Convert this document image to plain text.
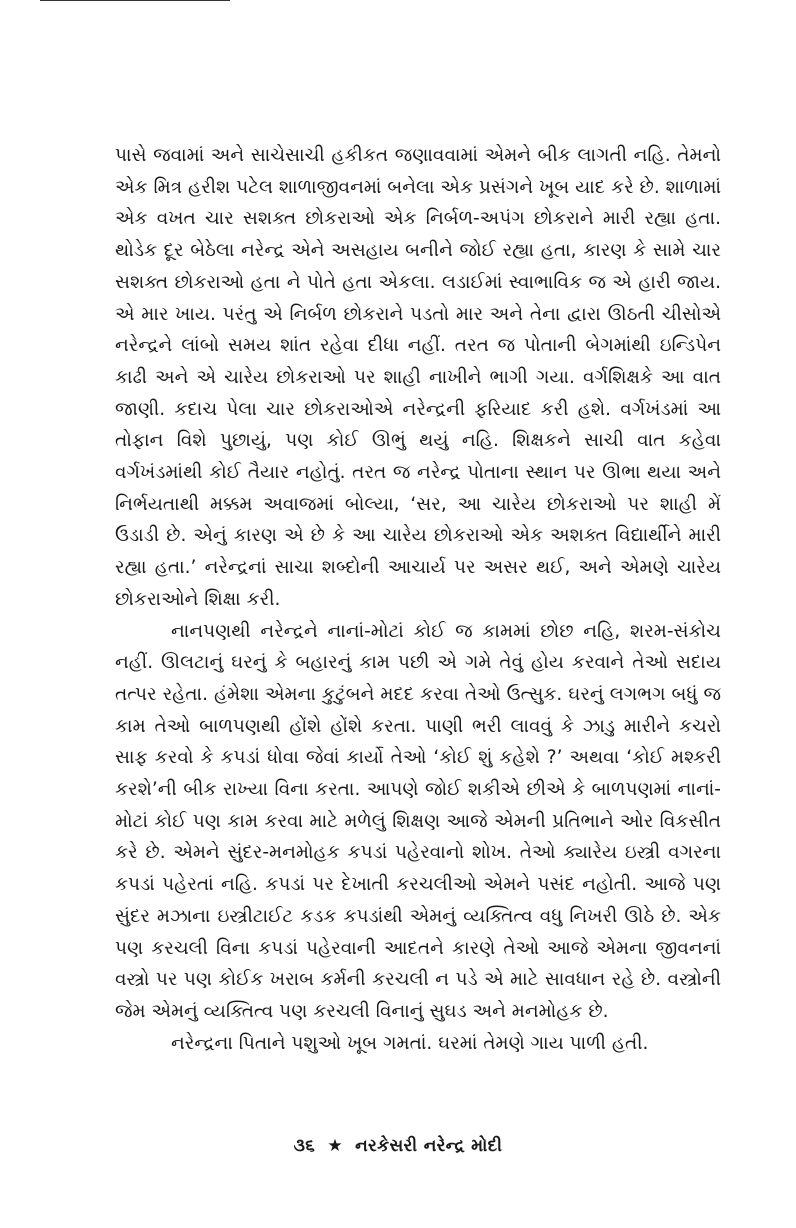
પાસે જવામાં અને સાચેસાચી હકીકત જણાવવામાં એમને બીક લાગતી નહિ. તેમનો એક મિત્ર હરીશ પટેલ શાળાજીવનમાં બનેલા એક પ્રસંગને ખૂબ યાદ કરે છે. શાળામાં એક વખત ચાર સશક્ત છોકરાઓ એક નિર્બળ-અપંગ છોકરાને મારી રહ્યા હતા. થોડેક દૂર બેઠેલા નરેન્દ્ર એને અસહાય બનીને જોઈ રહ્યા હતા, કારણ કે સામે ચાર સશક્ત છોકરાઓ હતા ને પોતે હતા એકલા. લડાઈમાં સ્વાભાવિક જ એ હારી જાય. એ માર ખાય. પરંતુ એ નિર્બળ છોકરાને પડતો માર અને તેના દ્વારા ઊઠતી ચીસોએ નરેન્દ્રને લાંબો સમય શાંત રહેવા દીધા નહીં. તરત જ પોતાની બેગમાંથી ઇન્ડિપેન કાઢી અને એ ચારેય છોકરાઓ પર શાહી નાખીને ભાગી ગયા. વર્ગશિક્ષકે આ વાત જાણી. કદાચ પેલા ચાર છોકરાઓએ નરેન્દ્રની ફરિયાદ કરી હશે. વર્ગખંડમાં આ તોફાન વિશે પુછાયું, પણ કોઈ ઊભું થયું નહિ. શિક્ષકને સાચી વાત કહેવા વર્ગખંડમાંથી કોઈ તૈયાર નહોતું. તરત જ નરેન્દ્ર પોતાના સ્થાન પર ઊભા થયા અને નિર્ભયતાથી મક્કમ અવાજમાં બોલ્યા, ‘સર, આ ચારેય છોકરાઓ પર શાહી મેં ઉડાડી છે. એનું કારણ એ છે કે આ ચારેય છોકરાઓ એક અશક્ત વિદ્યાર્થીને મારી રહ્યા હતા.’ નરેન્દ્રનાં સાચા શબ્દોની આચાર્ય પર અસર થઈ, અને એમણે ચારેય છોકરાઓને શિક્ષા કરી.

નાનપણથી નરેન્દ્રને નાનાં-મોટાં કોઈ જ કામમાં છોછ નહિ, શરમ-સંકોચ નહીં. ઊલટાનું ઘરનું કે બહારનું કામ પછી એ ગમે તેવું હોય કરવાને તેઓ સદાય તત્પર રહેતા. હંમેશા એમના કુટુંબને મદદ કરવા તેઓ ઉત્સુક. ઘરનું લગભગ બધું જ કામ તેઓ બાળપણથી હોંશે હોંશે કરતા. પાણી ભરી લાવવું કે ઝાડુ મારીને કચરો સાફ કરવો કે કપડાં ધોવા જેવાં કાર્યો તેઓ ‘કોઈ શું કહેશે ?’ અથવા ‘કોઈ મશ્કરી કરશે’ની બીક રાખ્યા વિના કરતા. આપણે જોઈ શકીએ છીએ કે બાળપણમાં નાનાં-મોટાં કોઈ પણ કામ કરવા માટે મળેલું શિક્ષણ આજે એમની પ્રતિભાને ઓર વિકસીત કરે છે. એમને સુંદર-મનમોહક કપડાં પહેરવાનો શોખ. તેઓ ક્યારેય ઇસ્ત્રી વગરના કપડાં પહેરતાં નહિ. કપડાં પર દેખાતી કરચલીઓ એમને પસંદ નહોતી. આજે પણ સુંદર મઝાના ઇસ્ત્રીટાઈટ કડક કપડાંથી એમનું વ્યક્તિત્વ વધુ નિખરી ઊઠે છે. એક પણ કરચલી વિના કપડાં પહેરવાની આદતને કારણે તેઓ આજે એમના જીવનનાં વસ્ત્રો પર પણ કોઈક ખરાબ કર્મની કરચલી ન પડે એ માટે સાવધાન રહે છે. વસ્ત્રોની જેમ એમનું વ્યક્તિત્વ પણ કરચલી વિનાનું સુઘડ અને મનમોહક છે.

નરેન્દ્રના પિતાને પશુઓ ખૂબ ગમતાં. ઘરમાં તેમણે ગાય પાળી હતી.

૩૬ ★ નરકેસરી નરેન્દ્ર મોદી
